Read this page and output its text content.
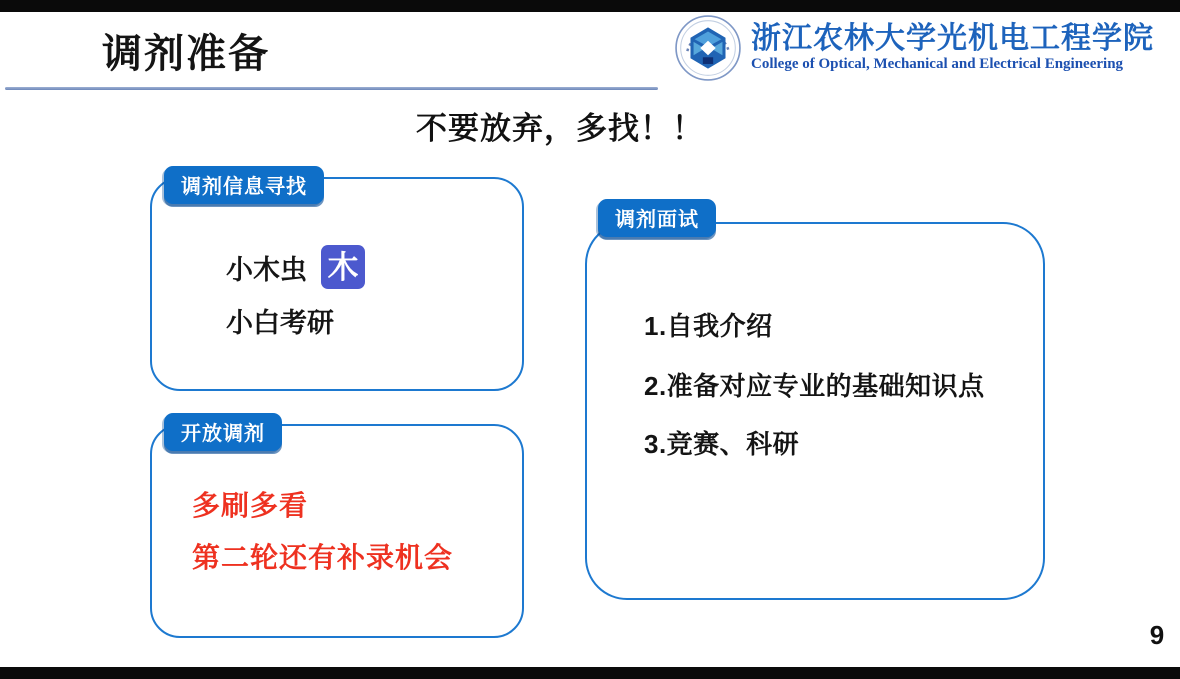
调剂准备	浙江农林大学光机电工程学院
College of Optical, Mechanical and Electrical Engineering
不要放弃，多找！！
调剂信息寻找
小木虫 木
小白考研
开放调剂
多刷多看
第二轮还有补录机会
调剂面试
1.自我介绍
2.准备对应专业的基础知识点
3.竞赛、科研
9
